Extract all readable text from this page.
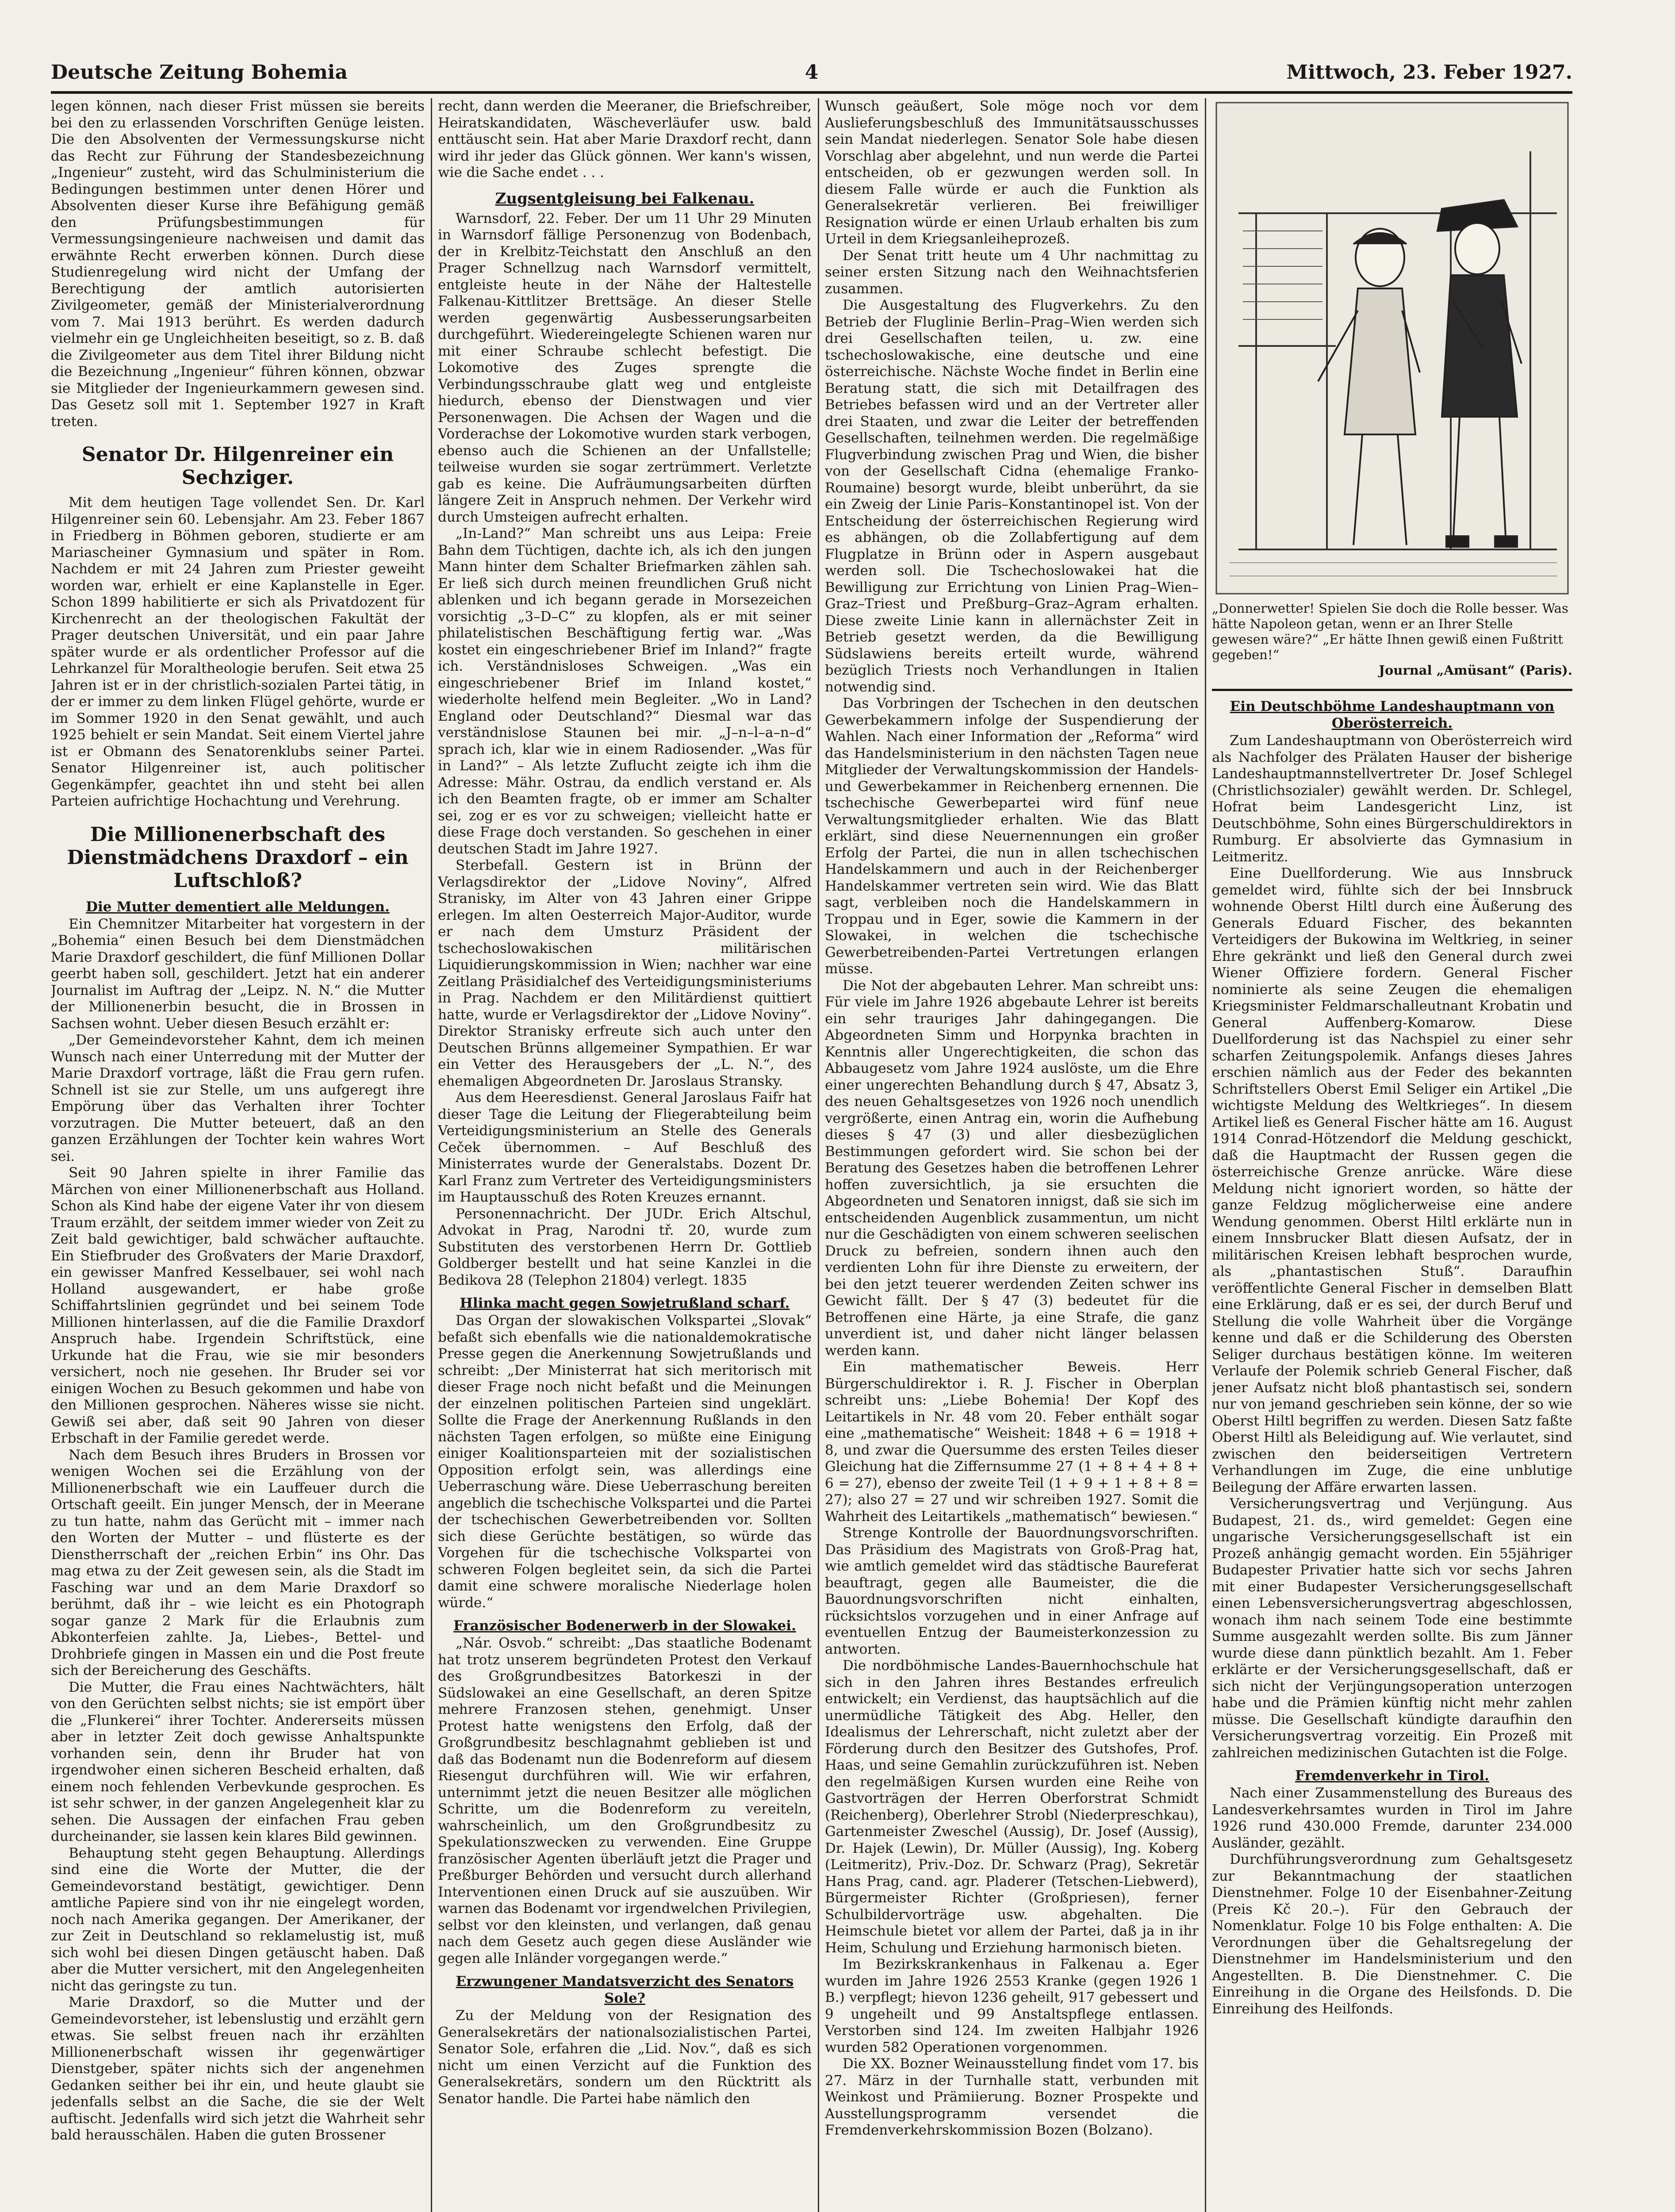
Deutsche Zeitung Bohemia	4	Mittwoch, 23. Feber 1927.

legen können, nach dieser Frist müssen sie bereits bei den zu erlassenden Vorschriften Genüge leisten. Die den Absolventen der Vermessungskurse nicht das Recht zur Führung der Standesbezeichnung „Ingenieur“ zusteht, wird das Schulministerium die Bedingungen bestimmen unter denen Hörer und Absolventen dieser Kurse ihre Befähigung gemäß den Prüfungsbestimmungen für Vermessungsingenieure nachweisen und damit das erwähnte Recht erwerben können. Durch diese Studienregelung wird nicht der Umfang der Berechtigung der amtlich autorisierten Zivilgeometer, gemäß der Ministerialverordnung vom 7. Mai 1913 berührt. Es werden dadurch vielmehr ein ge Ungleichheiten beseitigt, so z. B. daß die Zivilgeometer aus dem Titel ihrer Bildung nicht die Bezeichnung „Ingenieur“ führen können, obzwar sie Mitglieder der Ingenieurkammern gewesen sind. Das Gesetz soll mit 1. September 1927 in Kraft treten.

Senator Dr. Hilgenreiner ein Sechziger.

Mit dem heutigen Tage vollendet Sen. Dr. Karl Hilgenreiner sein 60. Lebensjahr. Am 23. Feber 1867 in Friedberg in Böhmen geboren, studierte er am Mariascheiner Gymnasium und später in Rom. Nachdem er mit 24 Jahren zum Priester geweiht worden war, erhielt er eine Kaplanstelle in Eger. Schon 1899 habilitierte er sich als Privatdozent für Kirchenrecht an der theologischen Fakultät der Prager deutschen Universität, und ein paar Jahre später wurde er als ordentlicher Professor auf die Lehrkanzel für Moraltheologie berufen. Seit etwa 25 Jahren ist er in der christlich-sozialen Partei tätig, in der er immer zu dem linken Flügel gehörte, wurde er im Sommer 1920 in den Senat gewählt, und auch 1925 behielt er sein Mandat. Seit einem Viertel jahre ist er Obmann des Senatorenklubs seiner Partei. Senator Hilgenreiner ist, auch politischer Gegenkämpfer, geachtet ihn und steht bei allen Parteien aufrichtige Hochachtung und Verehrung.

Die Millionenerbschaft des Dienstmädchens Draxdorf – ein Luftschloß?
Die Mutter dementiert alle Meldungen.

Ein Chemnitzer Mitarbeiter hat vorgestern in der „Bohemia“ einen Besuch bei dem Dienstmädchen Marie Draxdorf geschildert, die fünf Millionen Dollar geerbt haben soll, geschildert. Jetzt hat ein anderer Journalist im Auftrag der „Leipz. N. N.“ die Mutter der Millionenerbin besucht, die in Brossen in Sachsen wohnt. Ueber diesen Besuch erzählt er:

„Der Gemeindevorsteher Kahnt, dem ich meinen Wunsch nach einer Unterredung mit der Mutter der Marie Draxdorf vortrage, läßt die Frau gern rufen. Schnell ist sie zur Stelle, um uns aufgeregt ihre Empörung über das Verhalten ihrer Tochter vorzutragen. Die Mutter beteuert, daß an den ganzen Erzählungen der Tochter kein wahres Wort sei.

Seit 90 Jahren spielte in ihrer Familie das Märchen von einer Millionenerbschaft aus Holland. Schon als Kind habe der eigene Vater ihr von diesem Traum erzählt, der seitdem immer wieder von Zeit zu Zeit bald gewichtiger, bald schwächer auftauchte. Ein Stiefbruder des Großvaters der Marie Draxdorf, ein gewisser Manfred Kesselbauer, sei wohl nach Holland ausgewandert, er habe große Schiffahrtslinien gegründet und bei seinem Tode Millionen hinterlassen, auf die die Familie Draxdorf Anspruch habe. Irgendein Schriftstück, eine Urkunde hat die Frau, wie sie mir besonders versichert, noch nie gesehen. Ihr Bruder sei vor einigen Wochen zu Besuch gekommen und habe von den Millionen gesprochen. Näheres wisse sie nicht. Gewiß sei aber, daß seit 90 Jahren von dieser Erbschaft in der Familie geredet werde.

Nach dem Besuch ihres Bruders in Brossen vor wenigen Wochen sei die Erzählung von der Millionenerbschaft wie ein Lauffeuer durch die Ortschaft geeilt. Ein junger Mensch, der in Meerane zu tun hatte, nahm das Gerücht mit – immer nach den Worten der Mutter – und flüsterte es der Dienstherrschaft der „reichen Erbin“ ins Ohr. Das mag etwa zu der Zeit gewesen sein, als die Stadt im Fasching war und an dem Marie Draxdorf so berühmt, daß ihr – wie leicht es ein Photograph sogar ganze 2 Mark für die Erlaubnis zum Abkonterfeien zahlte. Ja, Liebes-, Bettel- und Drohbriefe gingen in Massen ein und die Post freute sich der Bereicherung des Geschäfts.

Die Mutter, die Frau eines Nachtwächters, hält von den Gerüchten selbst nichts; sie ist empört über die „Flunkerei“ ihrer Tochter. Andererseits müssen aber in letzter Zeit doch gewisse Anhaltspunkte vorhanden sein, denn ihr Bruder hat von irgendwoher einen sicheren Bescheid erhalten, daß einem noch fehlenden Verbevkunde gesprochen. Es ist sehr schwer, in der ganzen Angelegenheit klar zu sehen. Die Aussagen der einfachen Frau geben durcheinander, sie lassen kein klares Bild gewinnen.

Behauptung steht gegen Behauptung. Allerdings sind eine die Worte der Mutter, die der Gemeindevorstand bestätigt, gewichtiger. Denn amtliche Papiere sind von ihr nie eingelegt worden, noch nach Amerika gegangen. Der Amerikaner, der zur Zeit in Deutschland so reklamelustig ist, muß sich wohl bei diesen Dingen getäuscht haben. Daß aber die Mutter versichert, mit den Angelegenheiten nicht das geringste zu tun.

Marie Draxdorf, so die Mutter und der Gemeindevorsteher, ist lebenslustig und erzählt gern etwas. Sie selbst freuen nach ihr erzählten Millionenerbschaft wissen ihr gegenwärtiger Dienstgeber, später nichts sich der angenehmen Gedanken seither bei ihr ein, und heute glaubt sie jedenfalls selbst an die Sache, die sie der Welt auftischt. Jedenfalls wird sich jetzt die Wahrheit sehr bald herausschälen. Haben die guten Brossener

recht, dann werden die Meeraner, die Briefschreiber, Heiratskandidaten, Wäscheverläufer usw. bald enttäuscht sein. Hat aber Marie Draxdorf recht, dann wird ihr jeder das Glück gönnen. Wer kann's wissen, wie die Sache endet . . .

Zugsentgleisung bei Falkenau.

Warnsdorf, 22. Feber. Der um 11 Uhr 29 Minuten in Warnsdorf fällige Personenzug von Bodenbach, der in Krelbitz-Teichstatt den Anschluß an den Prager Schnellzug nach Warnsdorf vermittelt, entgleiste heute in der Nähe der Haltestelle Falkenau-Kittlitzer Brettsäge. An dieser Stelle werden gegenwärtig Ausbesserungsarbeiten durchgeführt. Wiedereingelegte Schienen waren nur mit einer Schraube schlecht befestigt. Die Lokomotive des Zuges sprengte die Verbindungsschraube glatt weg und entgleiste hiedurch, ebenso der Dienstwagen und vier Personenwagen. Die Achsen der Wagen und die Vorderachse der Lokomotive wurden stark verbogen, ebenso auch die Schienen an der Unfallstelle; teilweise wurden sie sogar zertrümmert. Verletzte gab es keine. Die Aufräumungsarbeiten dürften längere Zeit in Anspruch nehmen. Der Verkehr wird durch Umsteigen aufrecht erhalten.

„In-Land?“ Man schreibt uns aus Leipa: Freie Bahn dem Tüchtigen, dachte ich, als ich den jungen Mann hinter dem Schalter Briefmarken zählen sah. Er ließ sich durch meinen freundlichen Gruß nicht ablenken und ich begann gerade in Morsezeichen vorsichtig „3–D–C“ zu klopfen, als er mit seiner philatelistischen Beschäftigung fertig war. „Was kostet ein eingeschriebener Brief im Inland?“ fragte ich. Verständnisloses Schweigen. „Was ein eingeschriebener Brief im Inland kostet,“ wiederholte helfend mein Begleiter. „Wo in Land? England oder Deutschland?“ Diesmal war das verständnislose Staunen bei mir. „J–n–l–a–n–d“ sprach ich, klar wie in einem Radiosender. „Was für in Land?“ – Als letzte Zuflucht zeigte ich ihm die Adresse: Mähr. Ostrau, da endlich verstand er. Als ich den Beamten fragte, ob er immer am Schalter sei, zog er es vor zu schweigen; vielleicht hatte er diese Frage doch verstanden. So geschehen in einer deutschen Stadt im Jahre 1927.

Sterbefall. Gestern ist in Brünn der Verlagsdirektor der „Lidove Noviny“, Alfred Stranisky, im Alter von 43 Jahren einer Grippe erlegen. Im alten Oesterreich Major-Auditor, wurde er nach dem Umsturz Präsident der tschechoslowakischen militärischen Liquidierungskommission in Wien; nachher war eine Zeitlang Präsidialchef des Verteidigungsministeriums in Prag. Nachdem er den Militärdienst quittiert hatte, wurde er Verlagsdirektor der „Lidove Noviny“. Direktor Stranisky erfreute sich auch unter den Deutschen Brünns allgemeiner Sympathien. Er war ein Vetter des Herausgebers der „L. N.“, des ehemaligen Abgeordneten Dr. Jaroslaus Stransky.

Aus dem Heeresdienst. General Jaroslaus Faifr hat dieser Tage die Leitung der Fliegerabteilung beim Verteidigungsministerium an Stelle des Generals Ceček übernommen. – Auf Beschluß des Ministerrates wurde der Generalstabs. Dozent Dr. Karl Franz zum Vertreter des Verteidigungsministers im Hauptausschuß des Roten Kreuzes ernannt.

Personennachricht. Der JUDr. Erich Altschul, Advokat in Prag, Narodni tř. 20, wurde zum Substituten des verstorbenen Herrn Dr. Gottlieb Goldberger bestellt und hat seine Kanzlei in die Bedikova 28 (Telephon 21804) verlegt. 1835

Hlinka macht gegen Sowjetrußland scharf.

Das Organ der slowakischen Volkspartei „Slovak“ befaßt sich ebenfalls wie die nationaldemokratische Presse gegen die Anerkennung Sowjetrußlands und schreibt: „Der Ministerrat hat sich meritorisch mit dieser Frage noch nicht befaßt und die Meinungen der einzelnen politischen Parteien sind ungeklärt. Sollte die Frage der Anerkennung Rußlands in den nächsten Tagen erfolgen, so müßte eine Einigung einiger Koalitionsparteien mit der sozialistischen Opposition erfolgt sein, was allerdings eine Ueberraschung wäre. Diese Ueberraschung bereiten angeblich die tschechische Volkspartei und die Partei der tschechischen Gewerbetreibenden vor. Sollten sich diese Gerüchte bestätigen, so würde das Vorgehen für die tschechische Volkspartei von schweren Folgen begleitet sein, da sich die Partei damit eine schwere moralische Niederlage holen würde.“

Französischer Bodenerwerb in der Slowakei.

„Nár. Osvob.“ schreibt: „Das staatliche Bodenamt hat trotz unserem begründeten Protest den Verkauf des Großgrundbesitzes Batorkeszi in der Südslowakei an eine Gesellschaft, an deren Spitze mehrere Franzosen stehen, genehmigt. Unser Protest hatte wenigstens den Erfolg, daß der Großgrundbesitz beschlagnahmt geblieben ist und daß das Bodenamt nun die Bodenreform auf diesem Riesengut durchführen will. Wie wir erfahren, unternimmt jetzt die neuen Besitzer alle möglichen Schritte, um die Bodenreform zu vereiteln, wahrscheinlich, um den Großgrundbesitz zu Spekulationszwecken zu verwenden. Eine Gruppe französischer Agenten überläuft jetzt die Prager und Preßburger Behörden und versucht durch allerhand Interventionen einen Druck auf sie auszuüben. Wir warnen das Bodenamt vor irgendwelchen Privilegien, selbst vor den kleinsten, und verlangen, daß genau nach dem Gesetz auch gegen diese Ausländer wie gegen alle Inländer vorgegangen werde.“

Erzwungener Mandatsverzicht des Senators Sole?

Zu der Meldung von der Resignation des Generalsekretärs der nationalsozialistischen Partei, Senator Sole, erfahren die „Lid. Nov.“, daß es sich nicht um einen Verzicht auf die Funktion des Generalsekretärs, sondern um den Rücktritt als Senator handle. Die Partei habe nämlich den

Wunsch geäußert, Sole möge noch vor dem Auslieferungsbeschluß des Immunitätsausschusses sein Mandat niederlegen. Senator Sole habe diesen Vorschlag aber abgelehnt, und nun werde die Partei entscheiden, ob er gezwungen werden soll. In diesem Falle würde er auch die Funktion als Generalsekretär verlieren. Bei freiwilliger Resignation würde er einen Urlaub erhalten bis zum Urteil in dem Kriegsanleiheprozeß.

Der Senat tritt heute um 4 Uhr nachmittag zu seiner ersten Sitzung nach den Weihnachtsferien zusammen.

Die Ausgestaltung des Flugverkehrs. Zu den Betrieb der Fluglinie Berlin–Prag–Wien werden sich drei Gesellschaften teilen, u. zw. eine tschechoslowakische, eine deutsche und eine österreichische. Nächste Woche findet in Berlin eine Beratung statt, die sich mit Detailfragen des Betriebes befassen wird und an der Vertreter aller drei Staaten, und zwar die Leiter der betreffenden Gesellschaften, teilnehmen werden. Die regelmäßige Flugverbindung zwischen Prag und Wien, die bisher von der Gesellschaft Cidna (ehemalige Franko-Roumaine) besorgt wurde, bleibt unberührt, da sie ein Zweig der Linie Paris–Konstantinopel ist. Von der Entscheidung der österreichischen Regierung wird es abhängen, ob die Zollabfertigung auf dem Flugplatze in Brünn oder in Aspern ausgebaut werden soll. Die Tschechoslowakei hat die Bewilligung zur Errichtung von Linien Prag–Wien–Graz–Triest und Preßburg–Graz–Agram erhalten. Diese zweite Linie kann in allernächster Zeit in Betrieb gesetzt werden, da die Bewilligung Südslawiens bereits erteilt wurde, während bezüglich Triests noch Verhandlungen in Italien notwendig sind.

Das Vorbringen der Tschechen in den deutschen Gewerbekammern infolge der Suspendierung der Wahlen. Nach einer Information der „Reforma“ wird das Handelsministerium in den nächsten Tagen neue Mitglieder der Verwaltungskommission der Handels- und Gewerbekammer in Reichenberg ernennen. Die tschechische Gewerbepartei wird fünf neue Verwaltungsmitglieder erhalten. Wie das Blatt erklärt, sind diese Neuernennungen ein großer Erfolg der Partei, die nun in allen tschechischen Handelskammern und auch in der Reichenberger Handelskammer vertreten sein wird. Wie das Blatt sagt, verbleiben noch die Handelskammern in Troppau und in Eger, sowie die Kammern in der Slowakei, in welchen die tschechische Gewerbetreibenden-Partei Vertretungen erlangen müsse.

Die Not der abgebauten Lehrer. Man schreibt uns: Für viele im Jahre 1926 abgebaute Lehrer ist bereits ein sehr trauriges Jahr dahingegangen. Die Abgeordneten Simm und Horpynka brachten in Kenntnis aller Ungerechtigkeiten, die schon das Abbaugesetz vom Jahre 1924 auslöste, um die Ehre einer ungerechten Behandlung durch § 47, Absatz 3, des neuen Gehaltsgesetzes von 1926 noch unendlich vergrößerte, einen Antrag ein, worin die Aufhebung dieses § 47 (3) und aller diesbezüglichen Bestimmungen gefordert wird. Sie schon bei der Beratung des Gesetzes haben die betroffenen Lehrer hoffen zuversichtlich, ja sie ersuchten die Abgeordneten und Senatoren innigst, daß sie sich im entscheidenden Augenblick zusammentun, um nicht nur die Geschädigten von einem schweren seelischen Druck zu befreien, sondern ihnen auch den verdienten Lohn für ihre Dienste zu erweitern, der bei den jetzt teuerer werdenden Zeiten schwer ins Gewicht fällt. Der § 47 (3) bedeutet für die Betroffenen eine Härte, ja eine Strafe, die ganz unverdient ist, und daher nicht länger belassen werden kann.

Ein mathematischer Beweis. Herr Bürgerschuldirektor i. R. J. Fischer in Oberplan schreibt uns: „Liebe Bohemia! Der Kopf des Leitartikels in Nr. 48 vom 20. Feber enthält sogar eine „mathematische“ Weisheit: 1848 + 6 = 1918 + 8, und zwar die Quersumme des ersten Teiles dieser Gleichung hat die Ziffernsumme 27 (1 + 8 + 4 + 8 + 6 = 27), ebenso der zweite Teil (1 + 9 + 1 + 8 + 8 = 27); also 27 = 27 und wir schreiben 1927. Somit die Wahrheit des Leitartikels „mathematisch“ bewiesen.“

Strenge Kontrolle der Bauordnungsvorschriften. Das Präsidium des Magistrats von Groß-Prag hat, wie amtlich gemeldet wird das städtische Baureferat beauftragt, gegen alle Baumeister, die die Bauordnungsvorschriften nicht einhalten, rücksichtslos vorzugehen und in einer Anfrage auf eventuellen Entzug der Baumeisterkonzession zu antworten.

Die nordböhmische Landes-Bauernhochschule hat sich in den Jahren ihres Bestandes erfreulich entwickelt; ein Verdienst, das hauptsächlich auf die unermüdliche Tätigkeit des Abg. Heller, den Idealismus der Lehrerschaft, nicht zuletzt aber der Förderung durch den Besitzer des Gutshofes, Prof. Haas, und seine Gemahlin zurückzuführen ist. Neben den regelmäßigen Kursen wurden eine Reihe von Gastvorträgen der Herren Oberforstrat Schmidt (Reichenberg), Oberlehrer Strobl (Niederpreschkau), Gartenmeister Zweschel (Aussig), Dr. Josef (Aussig), Dr. Hajek (Lewin), Dr. Müller (Aussig), Ing. Koberg (Leitmeritz), Priv.-Doz. Dr. Schwarz (Prag), Sekretär Hans Prag, cand. agr. Pladerer (Tetschen-Liebwerd), Bürgermeister Richter (Großpriesen), ferner Schulbildervorträge usw. abgehalten. Die Heimschule bietet vor allem der Partei, daß ja in ihr Heim, Schulung und Erziehung harmonisch bieten.

Im Bezirkskrankenhaus in Falkenau a. Eger wurden im Jahre 1926 2553 Kranke (gegen 1926 1 B.) verpflegt; hievon 1236 geheilt, 917 gebessert und 9 ungeheilt und 99 Anstaltspflege entlassen. Verstorben sind 124. Im zweiten Halbjahr 1926 wurden 582 Operationen vorgenommen.

Die XX. Bozner Weinausstellung findet vom 17. bis 27. März in der Turnhalle statt, verbunden mit Weinkost und Prämiierung. Bozner Prospekte und Ausstellungsprogramm versendet die Fremdenverkehrskommission Bozen (Bolzano).

„Donnerwetter! Spielen Sie doch die Rolle besser. Was hätte Napoleon getan, wenn er an Ihrer Stelle gewesen wäre?“ „Er hätte Ihnen gewiß einen Fußtritt gegeben!“
Journal „Amüsant“ (Paris).
Ein Deutschböhme Landeshauptmann von Oberösterreich.

Zum Landeshauptmann von Oberösterreich wird als Nachfolger des Prälaten Hauser der bisherige Landeshauptmannstellvertreter Dr. Josef Schlegel (Christlichsozialer) gewählt werden. Dr. Schlegel, Hofrat beim Landesgericht Linz, ist Deutschböhme, Sohn eines Bürgerschuldirektors in Rumburg. Er absolvierte das Gymnasium in Leitmeritz.

Eine Duellforderung. Wie aus Innsbruck gemeldet wird, fühlte sich der bei Innsbruck wohnende Oberst Hiltl durch eine Äußerung des Generals Eduard Fischer, des bekannten Verteidigers der Bukowina im Weltkrieg, in seiner Ehre gekränkt und ließ den General durch zwei Wiener Offiziere fordern. General Fischer nominierte als seine Zeugen die ehemaligen Kriegsminister Feldmarschalleutnant Krobatin und General Auffenberg-Komarow. Diese Duellforderung ist das Nachspiel zu einer sehr scharfen Zeitungspolemik. Anfangs dieses Jahres erschien nämlich aus der Feder des bekannten Schriftstellers Oberst Emil Seliger ein Artikel „Die wichtigste Meldung des Weltkrieges“. In diesem Artikel ließ es General Fischer hätte am 16. August 1914 Conrad-Hötzendorf die Meldung geschickt, daß die Hauptmacht der Russen gegen die österreichische Grenze anrücke. Wäre diese Meldung nicht ignoriert worden, so hätte der ganze Feldzug möglicherweise eine andere Wendung genommen. Oberst Hiltl erklärte nun in einem Innsbrucker Blatt diesen Aufsatz, der in militärischen Kreisen lebhaft besprochen wurde, als „phantastischen Stuß“. Daraufhin veröffentlichte General Fischer in demselben Blatt eine Erklärung, daß er es sei, der durch Beruf und Stellung die volle Wahrheit über die Vorgänge kenne und daß er die Schilderung des Obersten Seliger durchaus bestätigen könne. Im weiteren Verlaufe der Polemik schrieb General Fischer, daß jener Aufsatz nicht bloß phantastisch sei, sondern nur von jemand geschrieben sein könne, der so wie Oberst Hiltl begriffen zu werden. Diesen Satz faßte Oberst Hiltl als Beleidigung auf. Wie verlautet, sind zwischen den beiderseitigen Vertretern Verhandlungen im Zuge, die eine unblutige Beilegung der Affäre erwarten lassen.

Versicherungsvertrag und Verjüngung. Aus Budapest, 21. ds., wird gemeldet: Gegen eine ungarische Versicherungsgesellschaft ist ein Prozeß anhängig gemacht worden. Ein 55jähriger Budapester Privatier hatte sich vor sechs Jahren mit einer Budapester Versicherungsgesellschaft einen Lebensversicherungsvertrag abgeschlossen, wonach ihm nach seinem Tode eine bestimmte Summe ausgezahlt werden sollte. Bis zum Jänner wurde diese dann pünktlich bezahlt. Am 1. Feber erklärte er der Versicherungsgesellschaft, daß er sich nicht der Verjüngungsoperation unterzogen habe und die Prämien künftig nicht mehr zahlen müsse. Die Gesellschaft kündigte daraufhin den Versicherungsvertrag vorzeitig. Ein Prozeß mit zahlreichen medizinischen Gutachten ist die Folge.

Fremdenverkehr in Tirol.

Nach einer Zusammenstellung des Bureaus des Landesverkehrsamtes wurden in Tirol im Jahre 1926 rund 430.000 Fremde, darunter 234.000 Ausländer, gezählt.

Durchführungsverordnung zum Gehaltsgesetz zur Bekanntmachung der staatlichen Dienstnehmer. Folge 10 der Eisenbahner-Zeitung (Preis Kč 20.–). Für den Gebrauch der Nomenklatur. Folge 10 bis Folge enthalten: A. Die Verordnungen über die Gehaltsregelung der Dienstnehmer im Handelsministerium und den Angestellten. B. Die Dienstnehmer. C. Die Einreihung in die Organe des Heilsfonds. D. Die Einreihung des Heilfonds.
